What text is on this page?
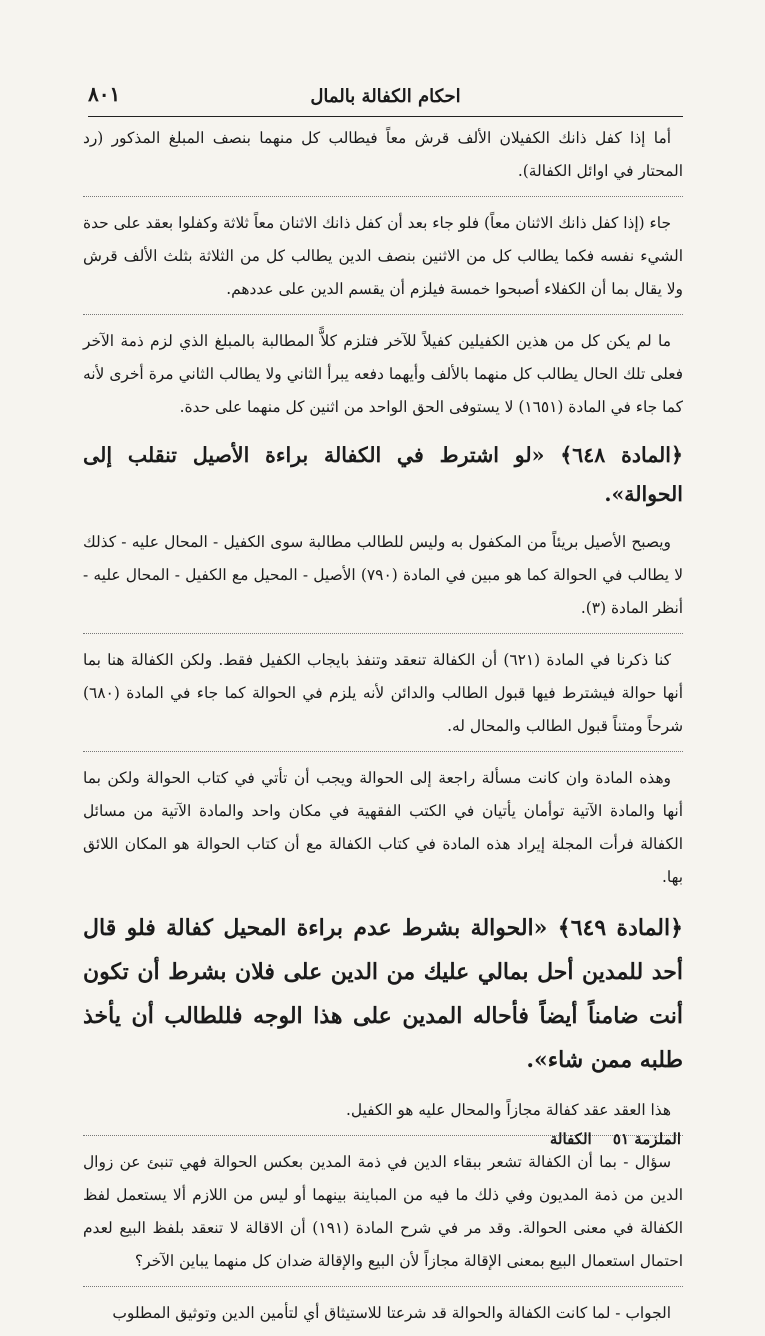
احكام الكفالة بالمال
٨٠١

أما إذا كفل ذانك الكفيلان الألف قرش معاً فيطالب كل منهما بنصف المبلغ المذكور (رد المحتار في اوائل الكفالة).

جاء (إذا كفل ذانك الاثنان معاً) فلو جاء بعد أن كفل ذانك الاثنان معاً ثلاثة وكفلوا بعقد على حدة الشيء نفسه فكما يطالب كل من الاثنين بنصف الدين يطالب كل من الثلاثة بثلث الألف قرش ولا يقال بما أن الكفلاء أصبحوا خمسة فيلزم أن يقسم الدين على عددهم.

ما لم يكن كل من هذين الكفيلين كفيلاً للآخر فتلزم كلاًّ المطالبة بالمبلغ الذي لزم ذمة الآخر فعلى تلك الحال يطالب كل منهما بالألف وأيهما دفعه يبرأ الثاني ولا يطالب الثاني مرة أخرى لأنه كما جاء في المادة (١٦٥١) لا يستوفى الحق الواحد من اثنين كل منهما على حدة.

﴿المادة ٦٤٨﴾ «لو اشترط في الكفالة براءة الأصيل تنقلب إلى الحوالة».

ويصبح الأصيل بريئاً من المكفول به وليس للطالب مطالبة سوى الكفيل - المحال عليه - كذلك لا يطالب في الحوالة كما هو مبين في المادة (٧٩٠) الأصيل - المحيل مع الكفيل - المحال عليه - أنظر المادة (٣).

كنا ذكرنا في المادة (٦٢١) أن الكفالة تنعقد وتنفذ بايجاب الكفيل فقط. ولكن الكفالة هنا بما أنها حوالة فيشترط فيها قبول الطالب والدائن لأنه يلزم في الحوالة كما جاء في المادة (٦٨٠) شرحاً ومتناً قبول الطالب والمحال له.

وهذه المادة وان كانت مسألة راجعة إلى الحوالة ويجب أن تأتي في كتاب الحوالة ولكن بما أنها والمادة الآتية توأمان يأتيان في الكتب الفقهية في مكان واحد والمادة الآتية من مسائل الكفالة فرأت المجلة إيراد هذه المادة في كتاب الكفالة مع أن كتاب الحوالة هو المكان اللائق بها.

﴿المادة ٦٤٩﴾ «الحوالة بشرط عدم براءة المحيل كفالة فلو قال أحد للمدين أحل بمالي عليك من الدين على فلان بشرط أن تكون أنت ضامناً أيضاً فأحاله المدين على هذا الوجه فللطالب أن يأخذ طلبه ممن شاء».

هذا العقد عقد كفالة مجازاً والمحال عليه هو الكفيل.

سؤال - بما أن الكفالة تشعر ببقاء الدين في ذمة المدين بعكس الحوالة فهي تنبئ عن زوال الدين من ذمة المديون وفي ذلك ما فيه من المباينة بينهما أو ليس من اللازم ألا يستعمل لفظ الكفالة في معنى الحوالة. وقد مر في شرح المادة (١٩١) أن الاقالة لا تنعقد بلفظ البيع لعدم احتمال استعمال البيع بمعنى الإقالة مجازاً لأن البيع والإقالة ضدان كل منهما يباين الآخر؟

الجواب - لما كانت الكفالة والحوالة قد شرعتا للاستيثاق أي لتأمين الدين وتوثيق المطلوب

الملزمة ٥١ الكفالة
